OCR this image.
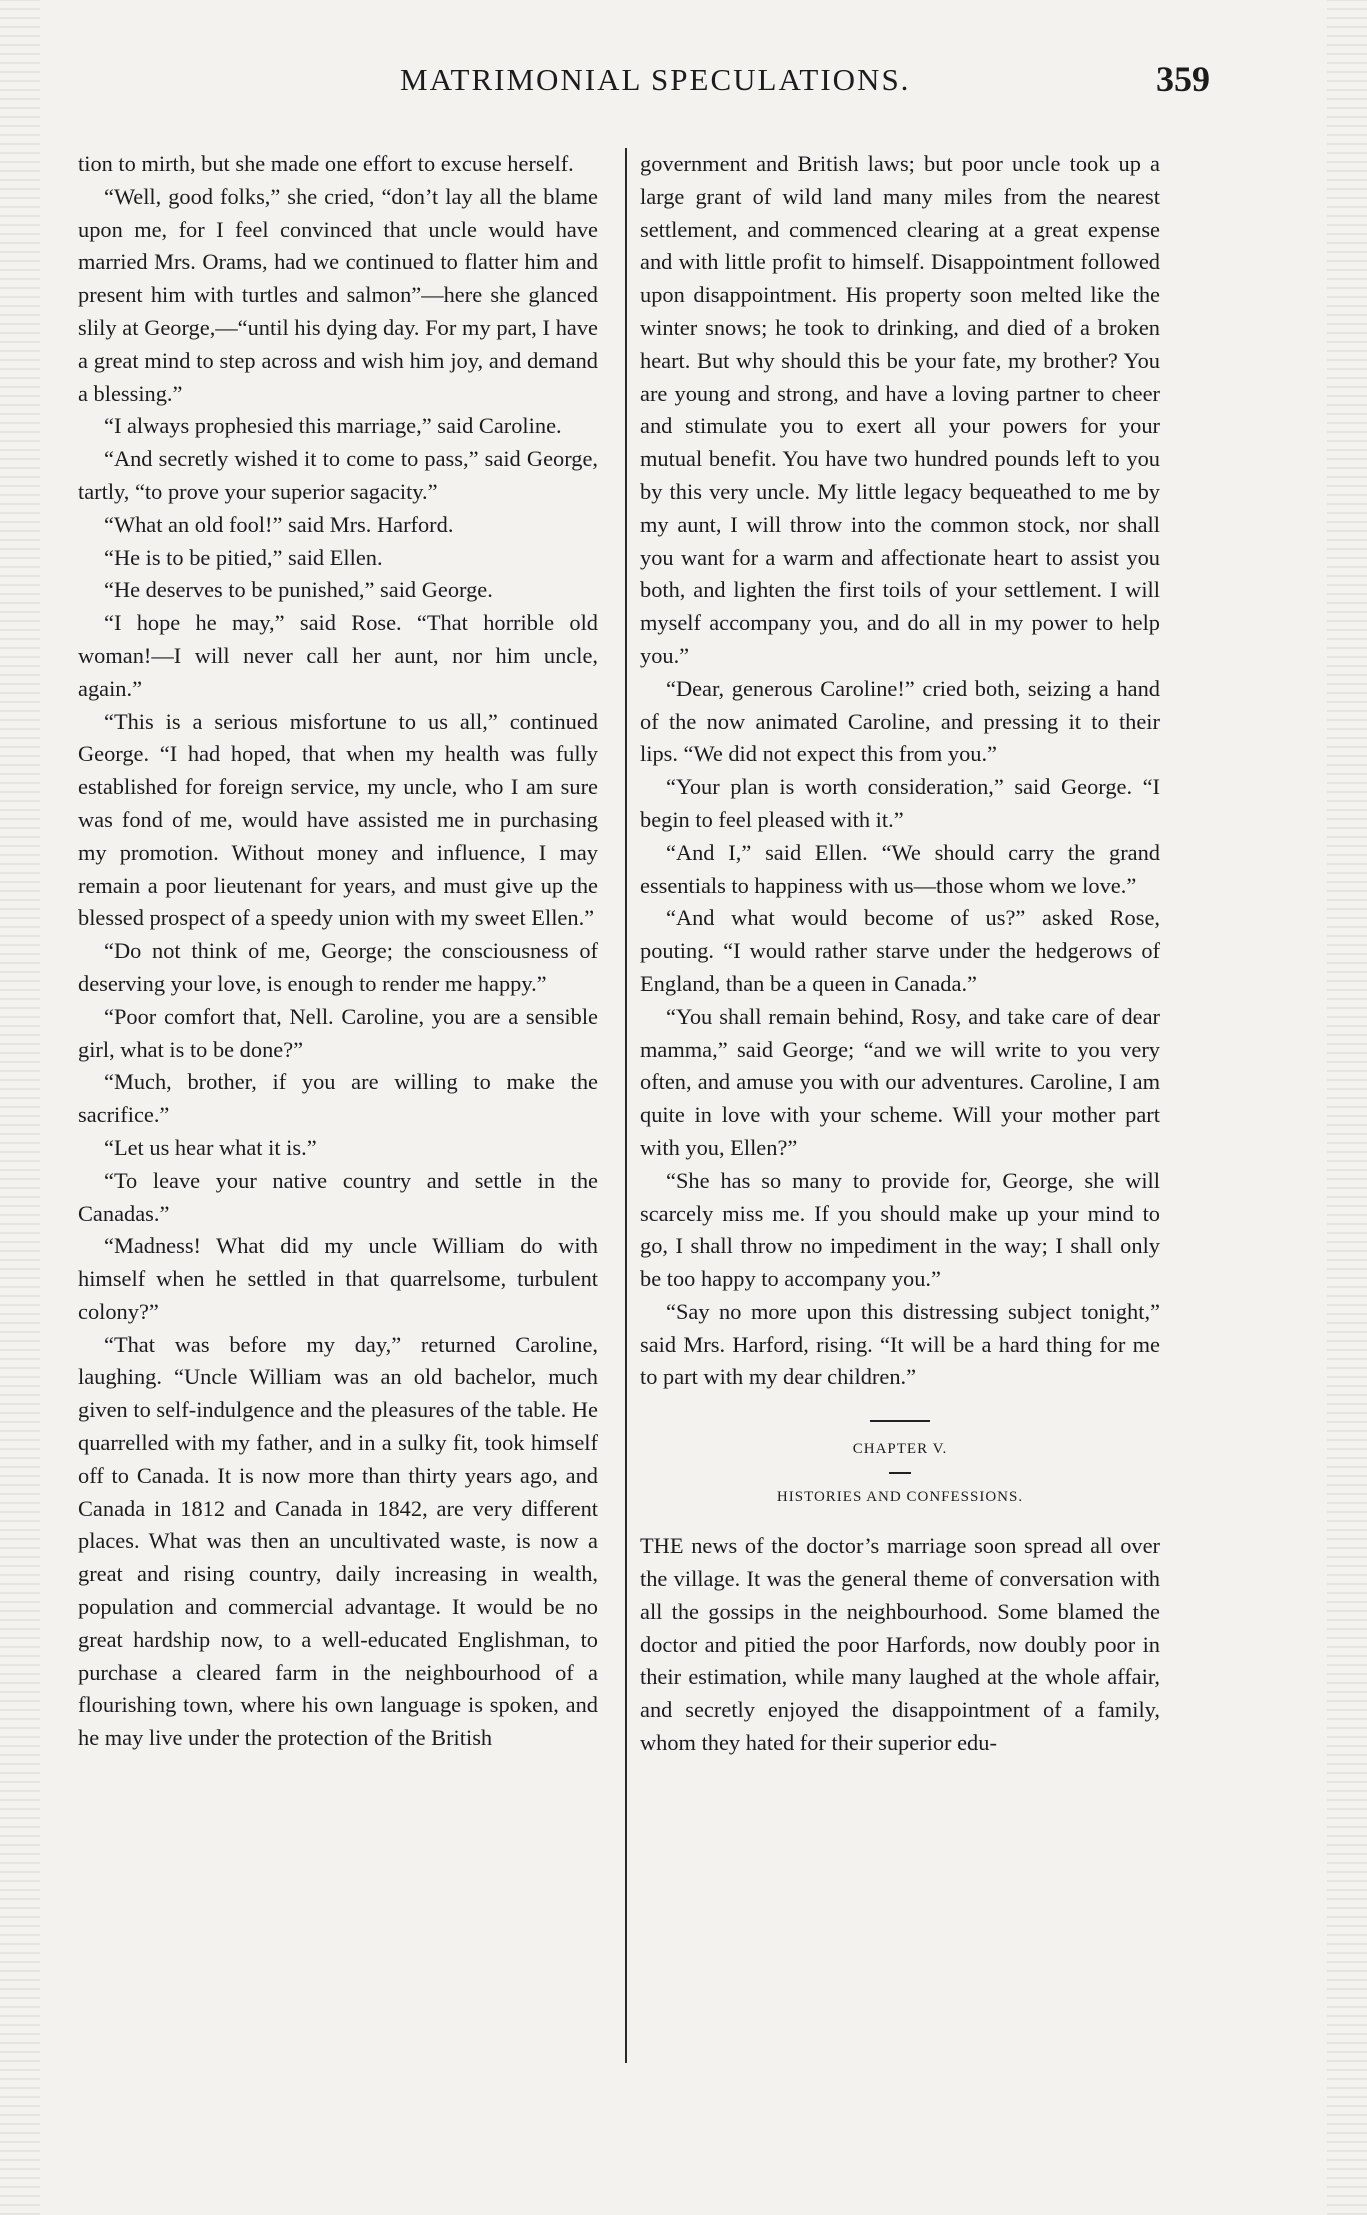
MATRIMONIAL SPECULATIONS.	359

tion to mirth, but she made one effort to excuse herself.

“Well, good folks,” she cried, “don’t lay all the blame upon me, for I feel convinced that uncle would have married Mrs. Orams, had we continued to flatter him and present him with turtles and salmon”—here she glanced slily at George,—“until his dying day. For my part, I have a great mind to step across and wish him joy, and demand a blessing.”

“I always prophesied this marriage,” said Caroline.

“And secretly wished it to come to pass,” said George, tartly, “to prove your superior sagacity.”

“What an old fool!” said Mrs. Harford.

“He is to be pitied,” said Ellen.

“He deserves to be punished,” said George.

“I hope he may,” said Rose. “That horrible old woman!—I will never call her aunt, nor him uncle, again.”

“This is a serious misfortune to us all,” continued George. “I had hoped, that when my health was fully established for foreign service, my uncle, who I am sure was fond of me, would have assisted me in purchasing my promotion. Without money and influence, I may remain a poor lieutenant for years, and must give up the blessed prospect of a speedy union with my sweet Ellen.”

“Do not think of me, George; the consciousness of deserving your love, is enough to render me happy.”

“Poor comfort that, Nell. Caroline, you are a sensible girl, what is to be done?”

“Much, brother, if you are willing to make the sacrifice.”

“Let us hear what it is.”

“To leave your native country and settle in the Canadas.”

“Madness! What did my uncle William do with himself when he settled in that quarrelsome, turbulent colony?”

“That was before my day,” returned Caroline, laughing. “Uncle William was an old bachelor, much given to self-indulgence and the pleasures of the table. He quarrelled with my father, and in a sulky fit, took himself off to Canada. It is now more than thirty years ago, and Canada in 1812 and Canada in 1842, are very different places. What was then an uncultivated waste, is now a great and rising country, daily increasing in wealth, population and commercial advantage. It would be no great hardship now, to a well-educated Englishman, to purchase a cleared farm in the neighbourhood of a flourishing town, where his own language is spoken, and he may live under the protection of the British

government and British laws; but poor uncle took up a large grant of wild land many miles from the nearest settlement, and commenced clearing at a great expense and with little profit to himself. Disappointment followed upon disappointment. His property soon melted like the winter snows; he took to drinking, and died of a broken heart. But why should this be your fate, my brother? You are young and strong, and have a loving partner to cheer and stimulate you to exert all your powers for your mutual benefit. You have two hundred pounds left to you by this very uncle. My little legacy bequeathed to me by my aunt, I will throw into the common stock, nor shall you want for a warm and affectionate heart to assist you both, and lighten the first toils of your settlement. I will myself accompany you, and do all in my power to help you.”

“Dear, generous Caroline!” cried both, seizing a hand of the now animated Caroline, and pressing it to their lips. “We did not expect this from you.”

“Your plan is worth consideration,” said George. “I begin to feel pleased with it.”

“And I,” said Ellen. “We should carry the grand essentials to happiness with us—those whom we love.”

“And what would become of us?” asked Rose, pouting. “I would rather starve under the hedgerows of England, than be a queen in Canada.”

“You shall remain behind, Rosy, and take care of dear mamma,” said George; “and we will write to you very often, and amuse you with our adventures. Caroline, I am quite in love with your scheme. Will your mother part with you, Ellen?”

“She has so many to provide for, George, she will scarcely miss me. If you should make up your mind to go, I shall throw no impediment in the way; I shall only be too happy to accompany you.”

“Say no more upon this distressing subject tonight,” said Mrs. Harford, rising. “It will be a hard thing for me to part with my dear children.”

CHAPTER V.
HISTORIES AND CONFESSIONS.

THE news of the doctor’s marriage soon spread all over the village. It was the general theme of conversation with all the gossips in the neighbourhood. Some blamed the doctor and pitied the poor Harfords, now doubly poor in their estimation, while many laughed at the whole affair, and secretly enjoyed the disappointment of a family, whom they hated for their superior edu-
